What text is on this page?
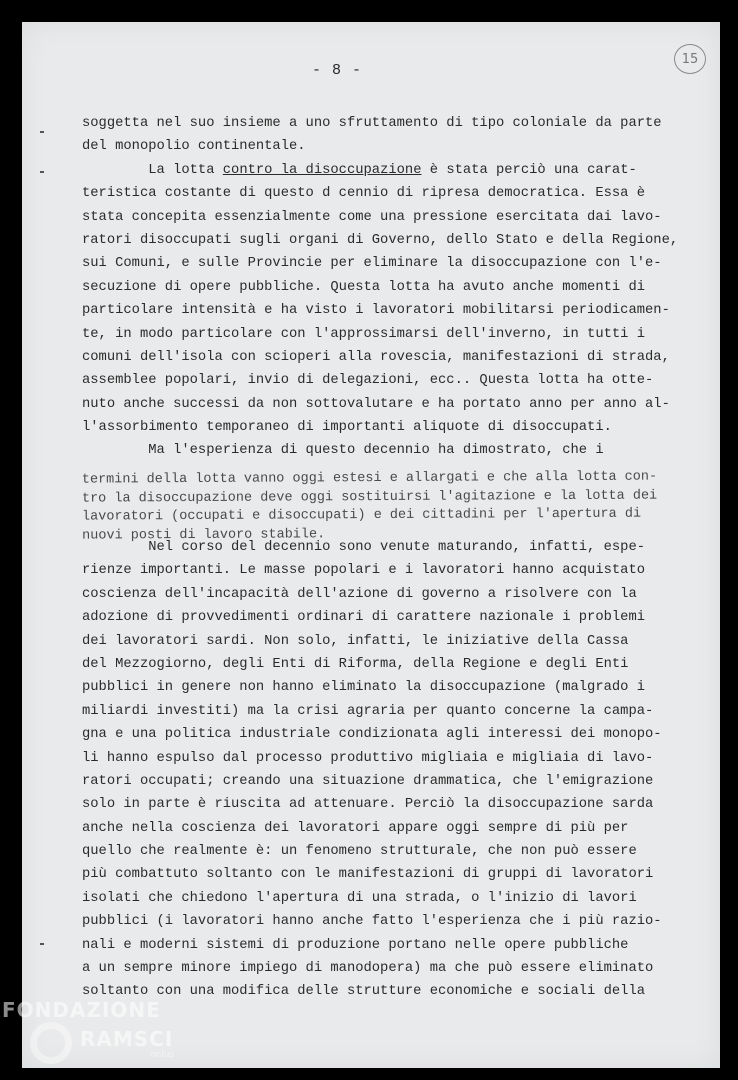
15
- 8 -
soggetta nel suo insieme a uno sfruttamento di tipo coloniale da parte
del monopolio continentale.
La lotta contro la disoccupazione è stata perciò una carat-
teristica costante di questo d cennio di ripresa democratica. Essa è
stata concepita essenzialmente come una pressione esercitata dai lavo-
ratori disoccupati sugli organi di Governo, dello Stato e della Regione,
sui Comuni, e sulle Provincie per eliminare la disoccupazione con l'e-
secuzione di opere pubbliche. Questa lotta ha avuto anche momenti di
particolare intensità e ha visto i lavoratori mobilitarsi periodicamen-
te, in modo particolare con l'approssimarsi dell'inverno, in tutti i
comuni dell'isola con scioperi alla rovescia, manifestazioni di strada,
assemblee popolari, invio di delegazioni, ecc.. Questa lotta ha otte-
nuto anche successi da non sottovalutare e ha portato anno per anno al-
l'assorbimento temporaneo di importanti aliquote di disoccupati.
Ma l'esperienza di questo decennio ha dimostrato, che i
termini della lotta vanno oggi estesi e allargati e che alla lotta con-
tro la disoccupazione deve oggi sostituirsi l'agitazione e la lotta dei
lavoratori (occupati e disoccupati) e dei cittadini per l'apertura di
nuovi posti di lavoro stabile.
Nel corso del decennio sono venute maturando, infatti, espe-
rienze importanti. Le masse popolari e i lavoratori hanno acquistato
coscienza dell'incapacità dell'azione di governo a risolvere con la
adozione di provvedimenti ordinari di carattere nazionale i problemi
dei lavoratori sardi. Non solo, infatti, le iniziative della Cassa
del Mezzogiorno, degli Enti di Riforma, della Regione e degli Enti
pubblici in genere non hanno eliminato la disoccupazione (malgrado i
miliardi investiti) ma la crisi agraria per quanto concerne la campa-
gna e una politica industriale condizionata agli interessi dei monopo-
li hanno espulso dal processo produttivo migliaia e migliaia di lavo-
ratori occupati; creando una situazione drammatica, che l'emigrazione
solo in parte è riuscita ad attenuare. Perciò la disoccupazione sarda
anche nella coscienza dei lavoratori appare oggi sempre di più per
quello che realmente è: un fenomeno strutturale, che non può essere
più combattuto soltanto con le manifestazioni di gruppi di lavoratori
isolati che chiedono l'apertura di una strada, o l'inizio di lavori
pubblici (i lavoratori hanno anche fatto l'esperienza che i più razio-
nali e moderni sistemi di produzione portano nelle opere pubbliche
a un sempre minore impiego di manodopera) ma che può essere eliminato
soltanto con una modifica delle strutture economiche e sociali della
FONDAZIONE
RAMSCI
onlus
